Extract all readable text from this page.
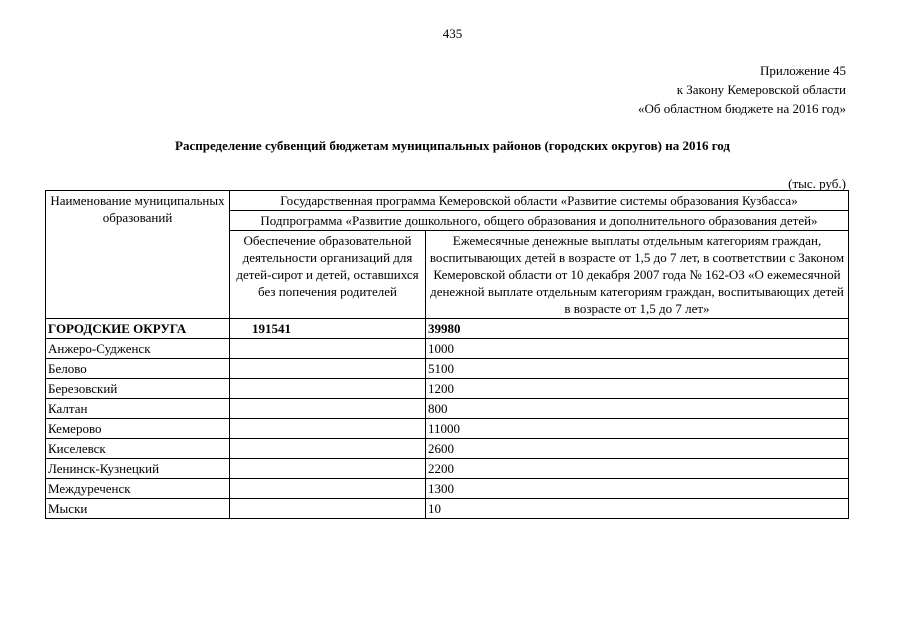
435
Приложение 45
к Закону Кемеровской области
«Об областном бюджете на 2016 год»
Распределение субвенций бюджетам муниципальных районов (городских округов) на 2016 год
(тыс. руб.)
Наименование муниципальных образований	Государственная программа Кемеровской области «Развитие системы образования Кузбасса»	
	Подпрограмма «Развитие дошкольного, общего образования и дополнительного образования детей»	
	Обеспечение образовательной деятельности организаций для детей-сирот и детей, оставшихся без попечения родителей	Ежемесячные денежные выплаты отдельным категориям граждан, воспитывающих детей в возрасте от 1,5 до 7 лет, в соответствии с Законом Кемеровской области от 10 декабря 2007 года № 162-ОЗ «О ежемесячной денежной выплате отдельным категориям граждан, воспитывающих детей в возрасте от 1,5 до 7 лет»
ГОРОДСКИЕ ОКРУГА	191541	39980
Анжеро-Судженск		1000
Белово		5100
Березовский		1200
Калтан		800
Кемерово		11000
Киселевск		2600
Ленинск-Кузнецкий		2200
Междуреченск		1300
Мыски		10
